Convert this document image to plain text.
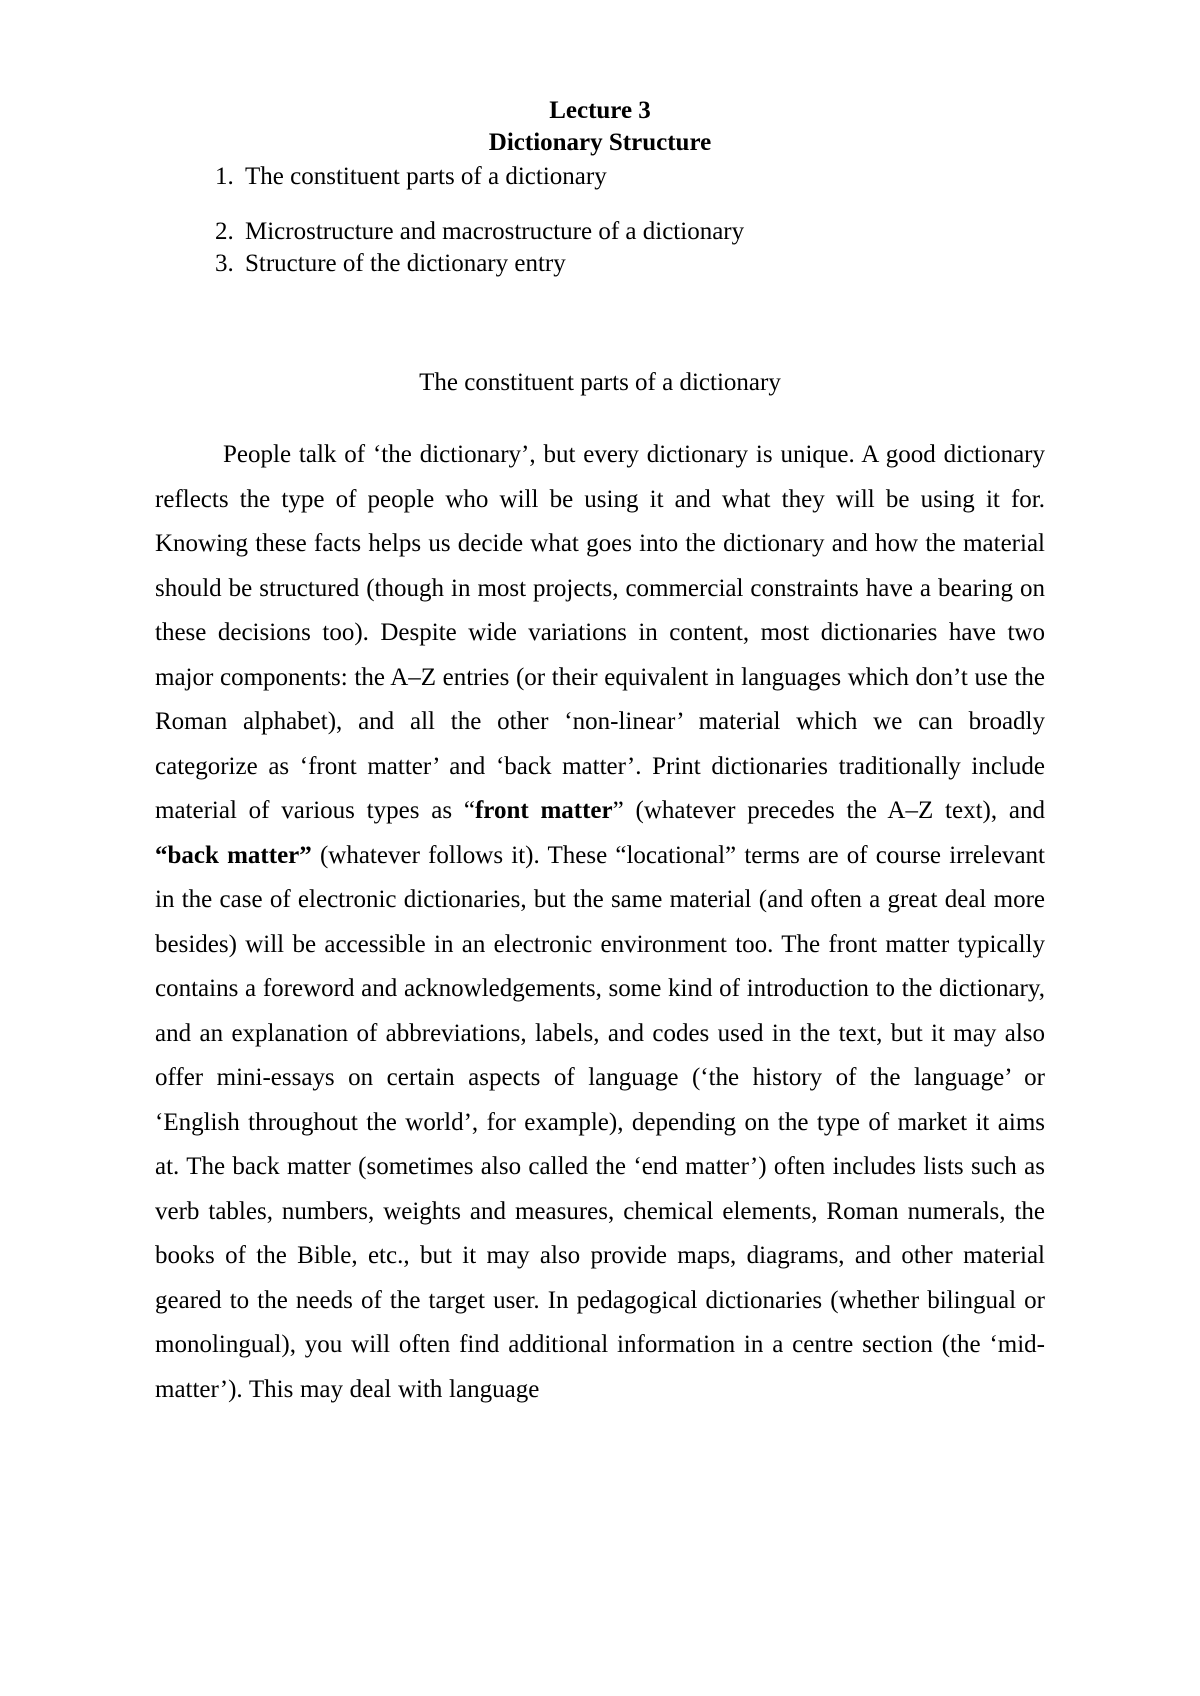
Lecture 3
Dictionary Structure
1. The constituent parts of a dictionary
2. Microstructure and macrostructure of a dictionary
3. Structure of the dictionary entry

The constituent parts of a dictionary

People talk of ‘the dictionary’, but every dictionary is unique. A good dictionary reflects the type of people who will be using it and what they will be using it for. Knowing these facts helps us decide what goes into the dictionary and how the material should be structured (though in most projects, commercial constraints have a bearing on these decisions too). Despite wide variations in content, most dictionaries have two major components: the A–Z entries (or their equivalent in languages which don’t use the Roman alphabet), and all the other ‘non-linear’ material which we can broadly categorize as ‘front matter’ and ‘back matter’. Print dictionaries traditionally include material of various types as “front matter” (whatever precedes the A–Z text), and “back matter” (whatever follows it). These “locational” terms are of course irrelevant in the case of electronic dictionaries, but the same material (and often a great deal more besides) will be accessible in an electronic environment too. The front matter typically contains a foreword and acknowledgements, some kind of introduction to the dictionary, and an explanation of abbreviations, labels, and codes used in the text, but it may also offer mini-essays on certain aspects of language (‘the history of the language’ or ‘English throughout the world’, for example), depending on the type of market it aims at. The back matter (sometimes also called the ‘end matter’) often includes lists such as verb tables, numbers, weights and measures, chemical elements, Roman numerals, the books of the Bible, etc., but it may also provide maps, diagrams, and other material geared to the needs of the target user. In pedagogical dictionaries (whether bilingual or monolingual), you will often find additional information in a centre section (the ‘mid-matter’). This may deal with language
